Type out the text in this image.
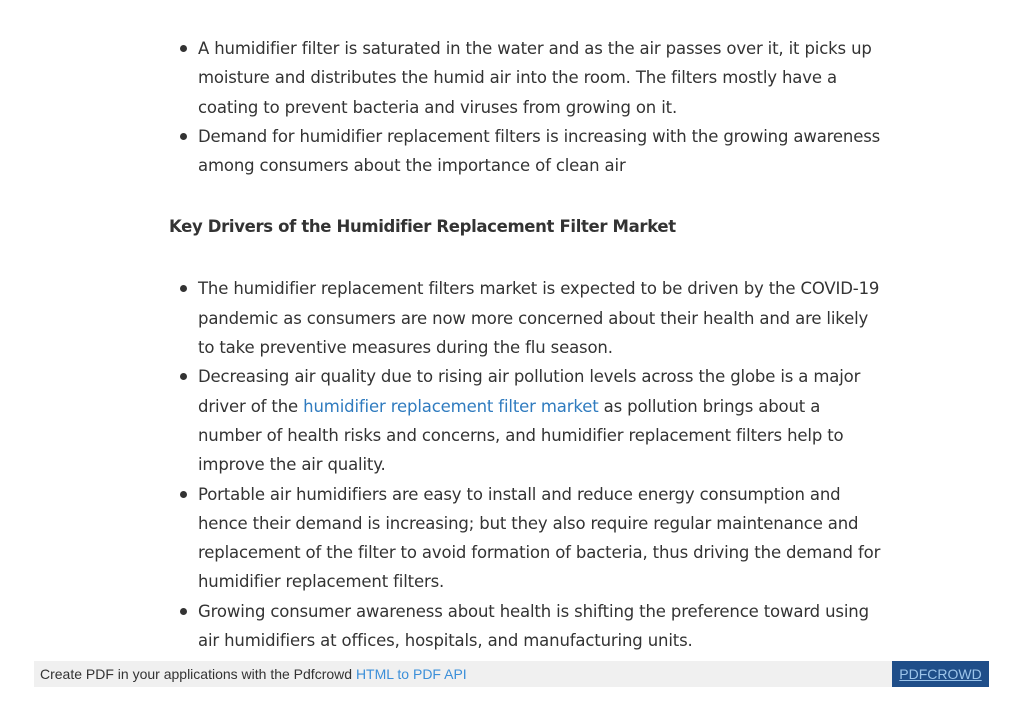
A humidifier filter is saturated in the water and as the air passes over it, it picks up
moisture and distributes the humid air into the room. The filters mostly have a
coating to prevent bacteria and viruses from growing on it.
Demand for humidifier replacement filters is increasing with the growing awareness
among consumers about the importance of clean air
Key Drivers of the Humidifier Replacement Filter Market
The humidifier replacement filters market is expected to be driven by the COVID-19
pandemic as consumers are now more concerned about their health and are likely
to take preventive measures during the flu season.
Decreasing air quality due to rising air pollution levels across the globe is a major
driver of the humidifier replacement filter market as pollution brings about a
number of health risks and concerns, and humidifier replacement filters help to
improve the air quality.
Portable air humidifiers are easy to install and reduce energy consumption and
hence their demand is increasing; but they also require regular maintenance and
replacement of the filter to avoid formation of bacteria, thus driving the demand for
humidifier replacement filters.
Growing consumer awareness about health is shifting the preference toward using
air humidifiers at offices, hospitals, and manufacturing units.
Create PDF in your applications with the Pdfcrowd HTML to PDF API	PDFCROWD
